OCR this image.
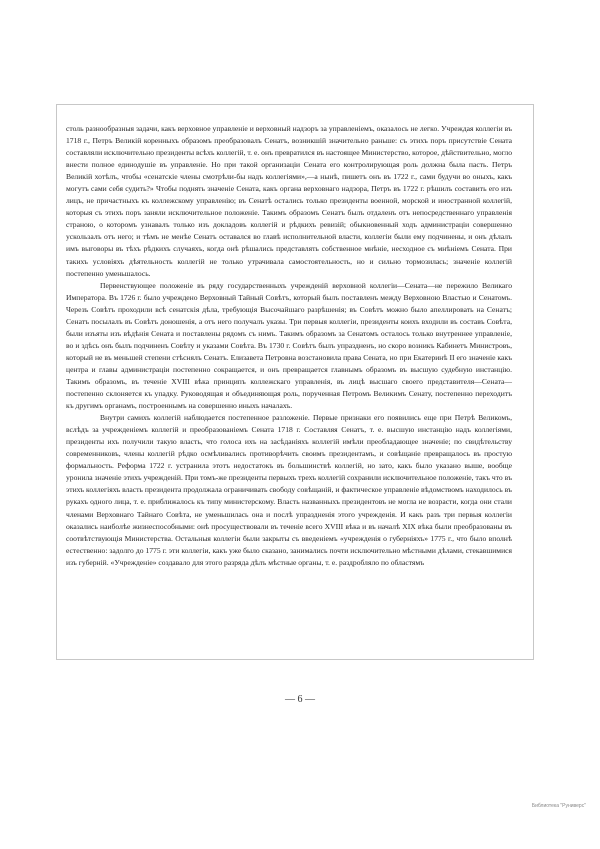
столь разнообразныя задачи, какъ верховное управленіе и верховный надзоръ за управленіемъ, оказалось не легко. Учреждая коллегіи въ 1718 г., Петръ Великій коренныхъ образомъ преобразовалъ Сенатъ, возникшій значительно раньше: съ этихъ поръ присутствіе Сената составляли исключительно президенты всѣхъ коллегій, т. е. онъ превратился въ настоящее Министерство, которое, дѣйствительно, могло внести полное единодушіе въ управленіе. Но при такой организаціи Сената его контролирующая роль должна была пасть. Петръ Великій хотѣлъ, чтобы «сенатскіе члены смотрѣли-бы надъ коллегіями»,—а нынѣ, пишетъ онъ въ 1722 г., сами будучи во оныхъ, какъ могутъ сами себя судить?» Чтобы поднять значеніе Сената, какъ органа верховнаго надзора, Петръ въ 1722 г. рѣшилъ составить его изъ лицъ, не причастныхъ къ коллежскому управленію; въ Сенатѣ остались только президенты военной, морской и иностранной коллегій, которыя съ этихъ поръ заняли исключительное положеніе. Такимъ образомъ Сенатъ былъ отдаленъ отъ непосредственнаго управленія страною, о которомъ узнавалъ только изъ докладовъ коллегій и рѣдкихъ ревизій; обыкновенный ходъ администраціи совершенно ускользалъ отъ него; и тѣмъ не менѣе Сенатъ оставался во главѣ исполнительной власти, коллегіи были ему подчинены, и онъ дѣлалъ имъ выговоры въ тѣхъ рѣдкихъ случаяхъ, когда онѣ рѣшались представлять собственное мнѣніе, несходное съ мнѣніемъ Сената. При такихъ условіяхъ дѣятельность коллегій не только утрачивала самостоятельность, но и сильно тормозилась; значеніе коллегій постепенно уменьшалось.

Первенствующее положеніе въ ряду государственныхъ учрежденій верховной коллегіи—Сената—не пережило Великаго Императора. Въ 1726 г. было учреждено Верховный Тайный Совѣтъ, который былъ поставленъ между Верховною Властью и Сенатомъ. Черезъ Совѣтъ проходили всѣ сенатскія дѣла, требующія Высочайшаго разрѣшенія; въ Совѣтъ можно было апеллировать на Сенатъ; Сенатъ посылалъ въ Совѣтъ доношенія, а отъ него получалъ указы. Три первыя коллегіи, президенты коихъ входили въ составъ Совѣта, были изъяты изъ вѣдѣнія Сената и поставлены рядомъ съ нимъ. Такимъ образомъ за Сенатомъ осталось только внутреннее управленіе, во и здѣсь онъ былъ подчиненъ Совѣту и указами Совѣта. Въ 1730 г. Совѣтъ былъ упраздненъ, но скоро возникъ Кабинетъ Министровъ, который не въ меньшей степени стѣснялъ Сенатъ. Елизавета Петровна возстановила права Сената, но при Екатеринѣ II его значеніе какъ центра и главы администраціи постепенно сокращается, и онъ превращается главнымъ образомъ въ высшую судебную инстанцію. Такимъ образомъ, въ теченіе XVIII вѣка принципъ коллежскаго управленія, въ лицѣ высшаго своего представителя—Сената—постепенно склоняется къ упадку. Руководящая и объединяющая роль, порученная Петромъ Великимъ Сенату, постепенно переходитъ къ другимъ органамъ, построеннымъ на совершенно иныхъ началахъ.

Внутри самихъ коллегій наблюдается постепенное разложеніе. Первые признаки его появились еще при Петрѣ Великомъ, вслѣдъ за учрежденіемъ коллегій и преобразованіемъ Сената 1718 г. Составляя Сенатъ, т. е. высшую инстанцію надъ коллегіями, президенты ихъ получили такую власть, что голоса ихъ на засѣданіяхъ коллегій имѣли преобладающее значеніе; по свидѣтельству современниковъ, члены коллегій рѣдко осмѣливались противорѣчить своимъ президентамъ, и совѣщаніе превращалось въ простую формальность. Реформа 1722 г. устранила этотъ недостатокъ въ большинствѣ коллегій, но зато, какъ было указано выше, вообще уронила значеніе этихъ учрежденій. При томъ-же президенты первыхъ трехъ коллегій сохранили исключительное положеніе, такъ что въ этихъ коллегіяхъ власть президента продолжала ограничивать свободу совѣщаній, и фактическое управленіе вѣдомствомъ находилось въ рукахъ одного лица, т. е. приближалось къ типу министерскому. Власть названныхъ президентовъ не могла не возрасти, когда они стали членами Верховнаго Тайнаго Совѣта, не уменьшилась она и послѣ упраздненія этого учрежденія. И какъ разъ три первыя коллегіи оказались наиболѣе жизнеспособными: онѣ просуществовали въ теченіе всего XVIII вѣка и въ началѣ XIX вѣка были преобразованы въ соотвѣтствующія Министерства. Остальныя коллегіи были закрыты съ введеніемъ «учрежденія о губерніяхъ» 1775 г., что было вполнѣ естественно: задолго до 1775 г. эти коллегіи, какъ уже было сказано, занимались почти исключительно мѣстными дѣлами, стекавшимися изъ губерній. «Учрежденіе» создавало для этого разряда дѣлъ мѣстные органы, т. е. раздробляло по областямъ

— 6 —
Библиотека "Руниверс"
